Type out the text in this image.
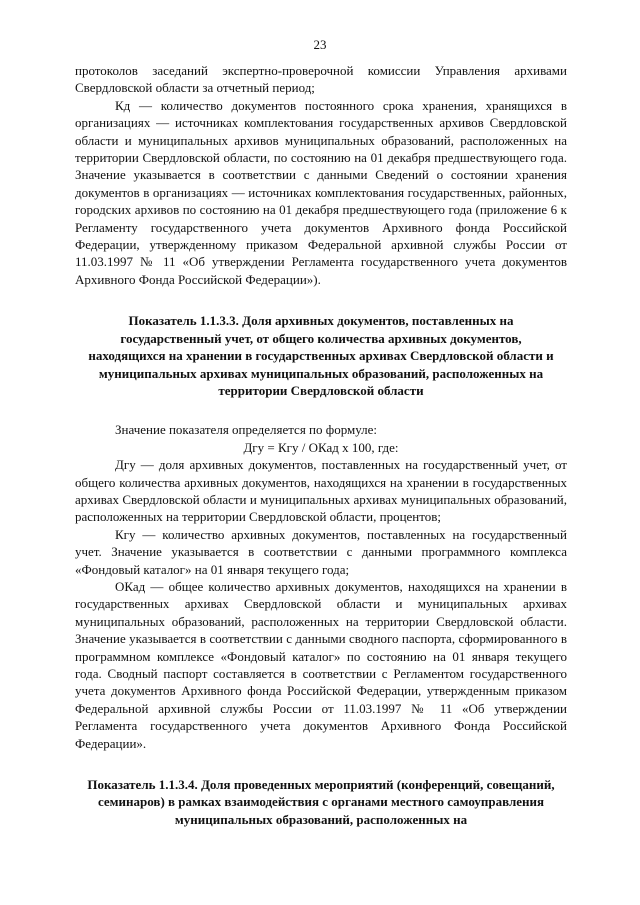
23

протоколов заседаний экспертно-проверочной комиссии Управления архивами Свердловской области за отчетный период;

Кд — количество документов постоянного срока хранения, хранящихся в организациях — источниках комплектования государственных архивов Свердловской области и муниципальных архивов муниципальных образований, расположенных на территории Свердловской области, по состоянию на 01 декабря предшествующего года. Значение указывается в соответствии с данными Сведений о состоянии хранения документов в организациях — источниках комплектования государственных, районных, городских архивов по состоянию на 01 декабря предшествующего года (приложение 6 к Регламенту государственного учета документов Архивного фонда Российской Федерации, утвержденному приказом Федеральной архивной службы России от 11.03.1997 № 11 «Об утверждении Регламента государственного учета документов Архивного Фонда Российской Федерации»).

Показатель 1.1.3.3. Доля архивных документов, поставленных на государственный учет, от общего количества архивных документов, находящихся на хранении в государственных архивах Свердловской области и муниципальных архивах муниципальных образований, расположенных на территории Свердловской области

Значение показателя определяется по формуле:

Дгу = Кгу / ОКад х 100, где:

Дгу — доля архивных документов, поставленных на государственный учет, от общего количества архивных документов, находящихся на хранении в государственных архивах Свердловской области и муниципальных архивах муниципальных образований, расположенных на территории Свердловской области, процентов;

Кгу — количество архивных документов, поставленных на государственный учет. Значение указывается в соответствии с данными программного комплекса «Фондовый каталог» на 01 января текущего года;

ОКад — общее количество архивных документов, находящихся на хранении в государственных архивах Свердловской области и муниципальных архивах муниципальных образований, расположенных на территории Свердловской области. Значение указывается в соответствии с данными сводного паспорта, сформированного в программном комплексе «Фондовый каталог» по состоянию на 01 января текущего года. Сводный паспорт составляется в соответствии с Регламентом государственного учета документов Архивного фонда Российской Федерации, утвержденным приказом Федеральной архивной службы России от 11.03.1997 № 11 «Об утверждении Регламента государственного учета документов Архивного Фонда Российской Федерации».

Показатель 1.1.3.4. Доля проведенных мероприятий (конференций, совещаний, семинаров) в рамках взаимодействия с органами местного самоуправления муниципальных образований, расположенных на
